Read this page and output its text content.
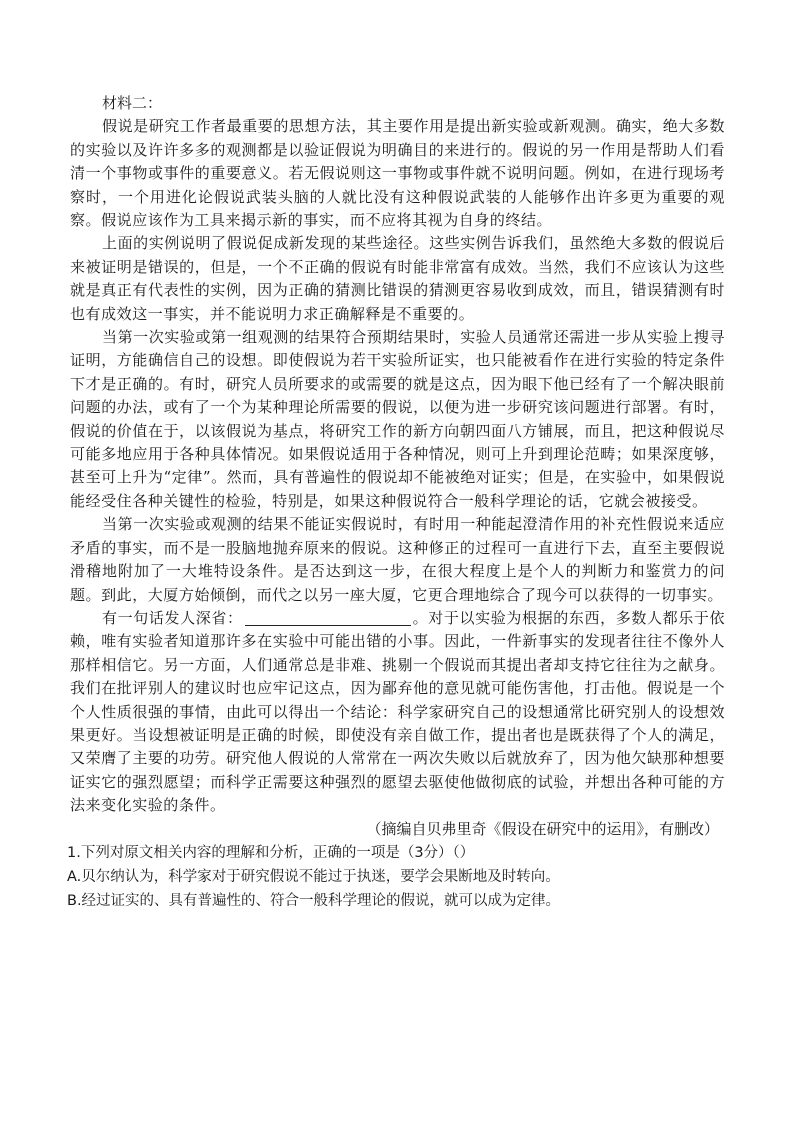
材料二：

假说是研究工作者最重要的思想方法，其主要作用是提出新实验或新观测。确实，绝大多数的实验以及许许多多的观测都是以验证假说为明确目的来进行的。假说的另一作用是帮助人们看清一个事物或事件的重要意义。若无假说则这一事物或事件就不说明问题。例如，在进行现场考察时，一个用进化论假说武装头脑的人就比没有这种假说武装的人能够作出许多更为重要的观察。假说应该作为工具来揭示新的事实，而不应将其视为自身的终结。

上面的实例说明了假说促成新发现的某些途径。这些实例告诉我们，虽然绝大多数的假说后来被证明是错误的，但是，一个不正确的假说有时能非常富有成效。当然，我们不应该认为这些就是真正有代表性的实例，因为正确的猜测比错误的猜测更容易收到成效，而且，错误猜测有时也有成效这一事实，并不能说明力求正确解释是不重要的。

当第一次实验或第一组观测的结果符合预期结果时，实验人员通常还需进一步从实验上搜寻证明，方能确信自己的设想。即使假说为若干实验所证实，也只能被看作在进行实验的特定条件下才是正确的。有时，研究人员所要求的或需要的就是这点，因为眼下他已经有了一个解决眼前问题的办法，或有了一个为某种理论所需要的假说，以便为进一步研究该问题进行部署。有时，假说的价值在于，以该假说为基点，将研究工作的新方向朝四面八方铺展，而且，把这种假说尽可能多地应用于各种具体情况。如果假说适用于各种情况，则可上升到理论范畴；如果深度够，甚至可上升为“定律”。然而，具有普遍性的假说却不能被绝对证实；但是，在实验中，如果假说能经受住各种关键性的检验，特别是，如果这种假说符合一般科学理论的话，它就会被接受。

当第一次实验或观测的结果不能证实假说时，有时用一种能起澄清作用的补充性假说来适应矛盾的事实，而不是一股脑地抛弃原来的假说。这种修正的过程可一直进行下去，直至主要假说滑稽地附加了一大堆特设条件。是否达到这一步，在很大程度上是个人的判断力和鉴赏力的问题。到此，大厦方始倾倒，而代之以另一座大厦，它更合理地综合了现今可以获得的一切事实。

有一句话发人深省：	。对于以实验为根据的东西，多数人都乐于依赖，唯有实验者知道那许多在实验中可能出错的小事。因此，一件新事实的发现者往往不像外人那样相信它。另一方面，人们通常总是非难、挑剔一个假说而其提出者却支持它往往为之献身。我们在批评别人的建议时也应牢记这点，因为鄙弃他的意见就可能伤害他，打击他。假说是一个个人性质很强的事情，由此可以得出一个结论：科学家研究自己的设想通常比研究别人的设想效果更好。当设想被证明是正确的时候，即使没有亲自做工作，提出者也是既获得了个人的满足，又荣膺了主要的功劳。研究他人假说的人常常在一两次失败以后就放弃了，因为他欠缺那种想要证实它的强烈愿望；而科学正需要这种强烈的愿望去驱使他做彻底的试验，并想出各种可能的方法来变化实验的条件。

（摘编自贝弗里奇《假设在研究中的运用》，有删改）
1.下列对原文相关内容的理解和分析，正确的一项是（3分）（）
A.贝尔纳认为，科学家对于研究假说不能过于执迷，要学会果断地及时转向。
B.经过证实的、具有普遍性的、符合一般科学理论的假说，就可以成为定律。
